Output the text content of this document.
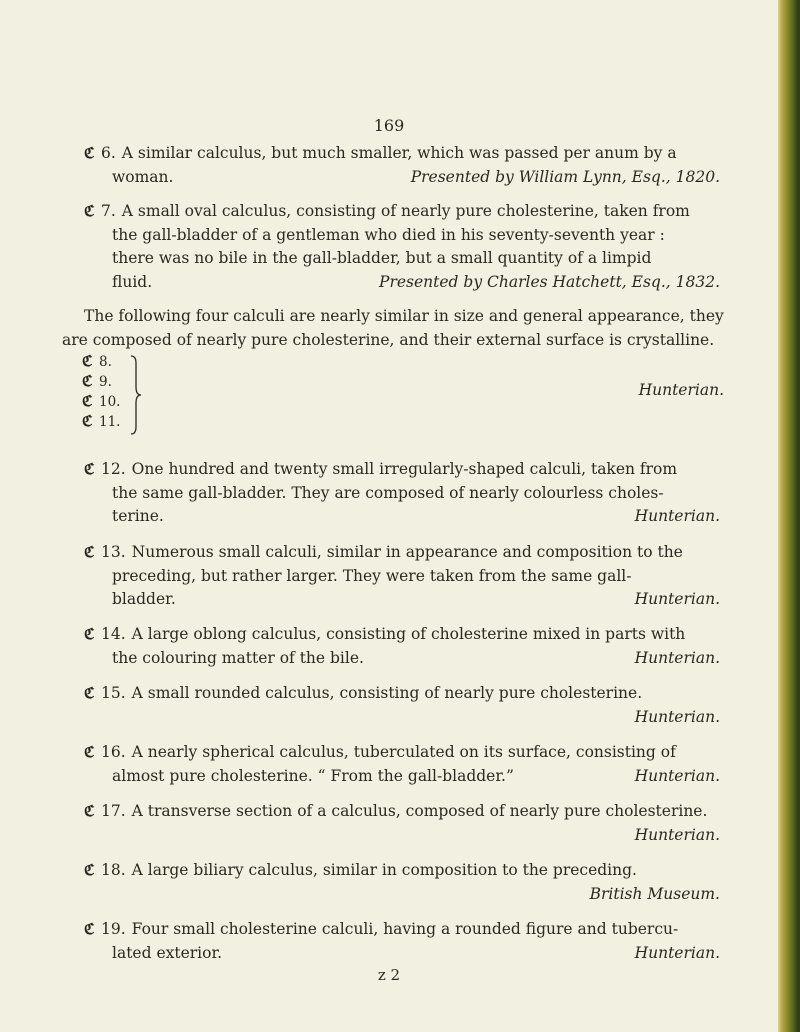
169
ℭ 6. A similar calculus, but much smaller, which was passed per anum by a
woman.	Presented by William Lynn, Esq., 1820.
ℭ 7. A small oval calculus, consisting of nearly pure cholesterine, taken from
the gall-bladder of a gentleman who died in his seventy-seventh year :
there was no bile in the gall-bladder, but a small quantity of a limpid
fluid.	Presented by Charles Hatchett, Esq., 1832.
The following four calculi are nearly similar in size and general appearance, they are composed of nearly pure cholesterine, and their external surface is crystalline.
ℭ 8.
ℭ 9.
ℭ 10.
ℭ 11.
Hunterian.
ℭ 12. One hundred and twenty small irregularly-shaped calculi, taken from
the same gall-bladder. They are composed of nearly colourless choles-
terine.	Hunterian.
ℭ 13. Numerous small calculi, similar in appearance and composition to the
preceding, but rather larger. They were taken from the same gall-
bladder.	Hunterian.
ℭ 14. A large oblong calculus, consisting of cholesterine mixed in parts with
the colouring matter of the bile.	Hunterian.
ℭ 15. A small rounded calculus, consisting of nearly pure cholesterine.
Hunterian.
ℭ 16. A nearly spherical calculus, tuberculated on its surface, consisting of
almost pure cholesterine. “ From the gall-bladder.”	Hunterian.
ℭ 17. A transverse section of a calculus, composed of nearly pure cholesterine.
Hunterian.
ℭ 18. A large biliary calculus, similar in composition to the preceding.
British Museum.
ℭ 19. Four small cholesterine calculi, having a rounded figure and tubercu-
lated exterior.	Hunterian.
z 2
